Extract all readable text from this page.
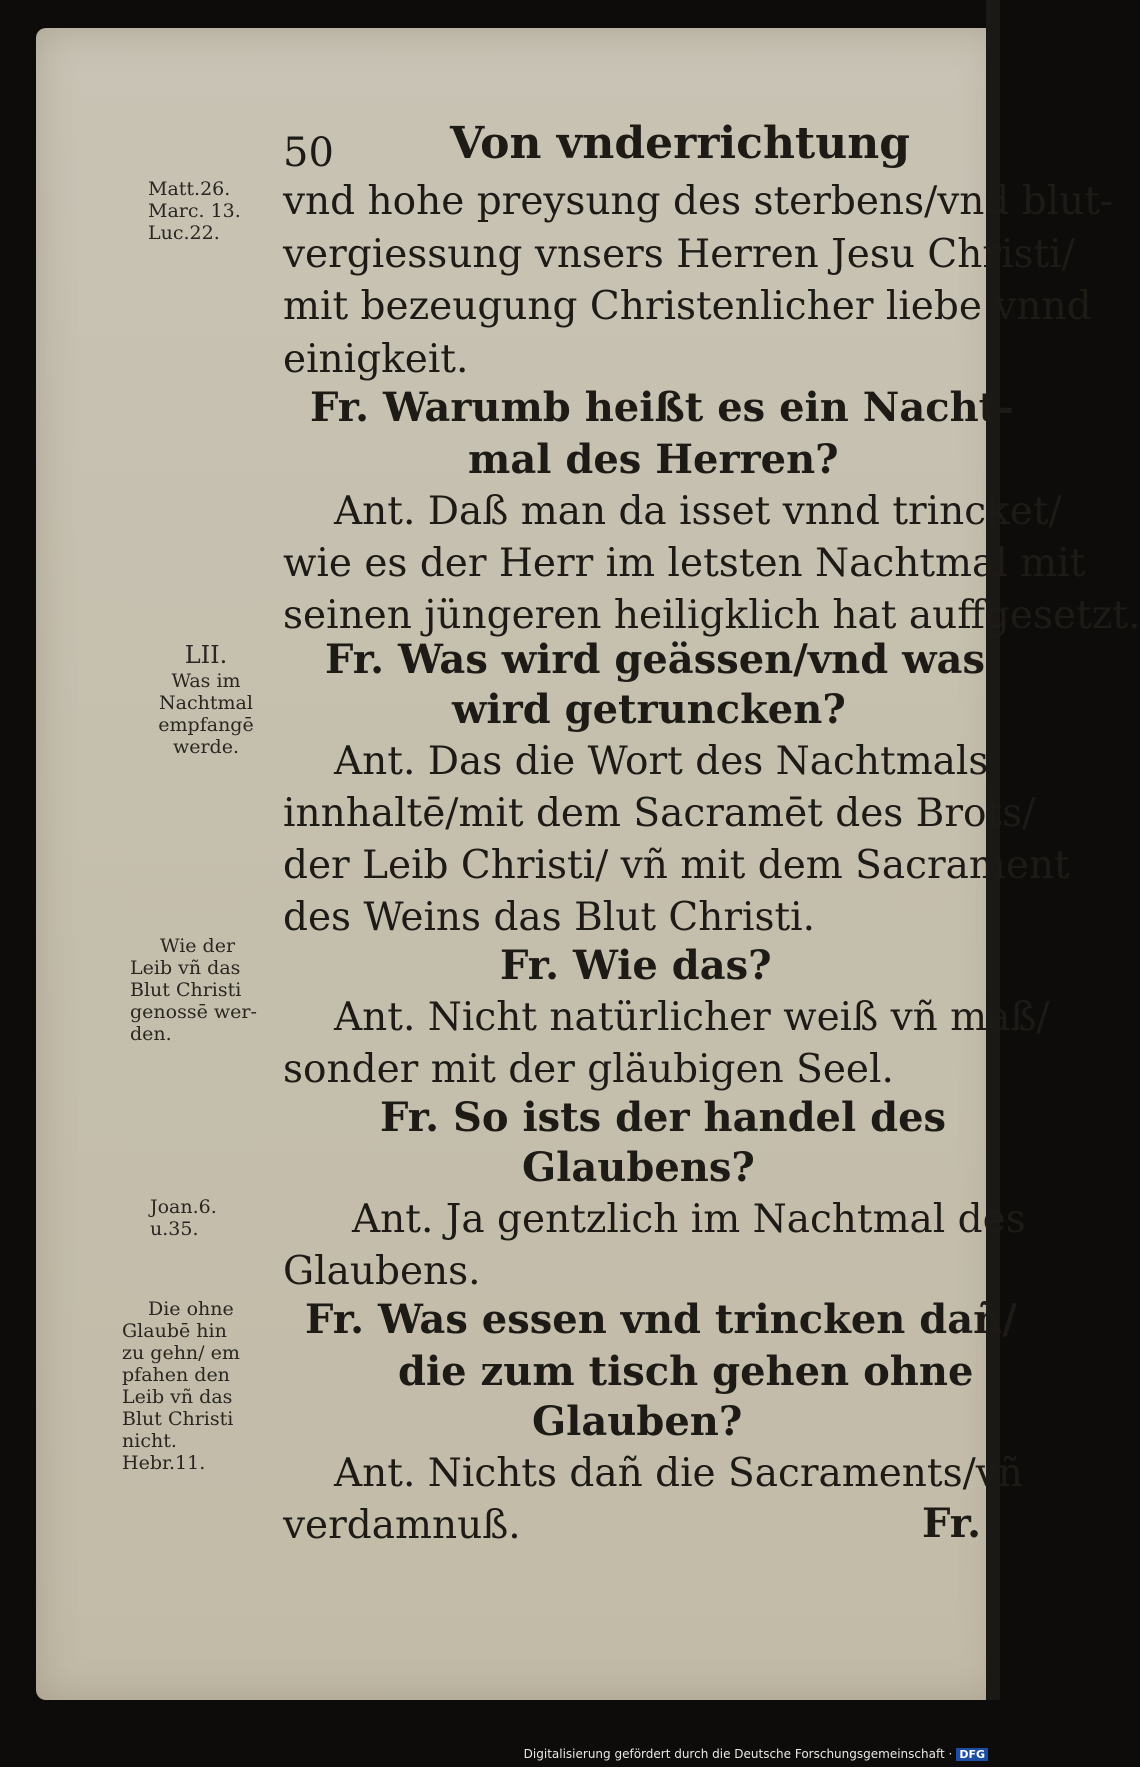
50	Von vnderrichtung
Matt.26.
Marc. 13.
Luc.22.
LII.
Was im
Nachtmal
empfangē
werde.
Wie der
Leib vñ das
Blut Christi
genossē wer-
den.
Joan.6.
u.35.
Die ohne
Glaubē hin
zu gehn/ em
pfahen den
Leib vñ das
Blut Christi
nicht.
Hebr.11.
vnd hohe preysung des sterbens/vnd blut-
vergiessung vnsers Herren Jesu Christi/
mit bezeugung Christenlicher liebe vnnd
einigkeit.
Fr. Warumb heißt es ein Nacht-
mal des Herren?
Ant. Daß man da isset vnnd trincket/
wie es der Herr im letsten Nachtmal mit
seinen jüngeren heiligklich hat auffgesetzt.
Fr. Was wird geässen/vnd was
wird getruncken?
Ant. Das die Wort des Nachtmals
innhaltē/mit dem Sacramēt des Brots/
der Leib Christi/ vñ mit dem Sacrament
des Weins das Blut Christi.
Fr. Wie das?
Ant. Nicht natürlicher weiß vñ maß/
sonder mit der gläubigen Seel.
Fr. So ists der handel des
Glaubens?
Ant. Ja gentzlich im Nachtmal des
Glaubens.
Fr. Was essen vnd trincken dañ/
die zum tisch gehen ohne
Glauben?
Ant. Nichts dañ die Sacraments/vñ
verdamnuß.	Fr.
Digitalisierung gefördert durch die Deutsche Forschungsgemeinschaft · DFG
